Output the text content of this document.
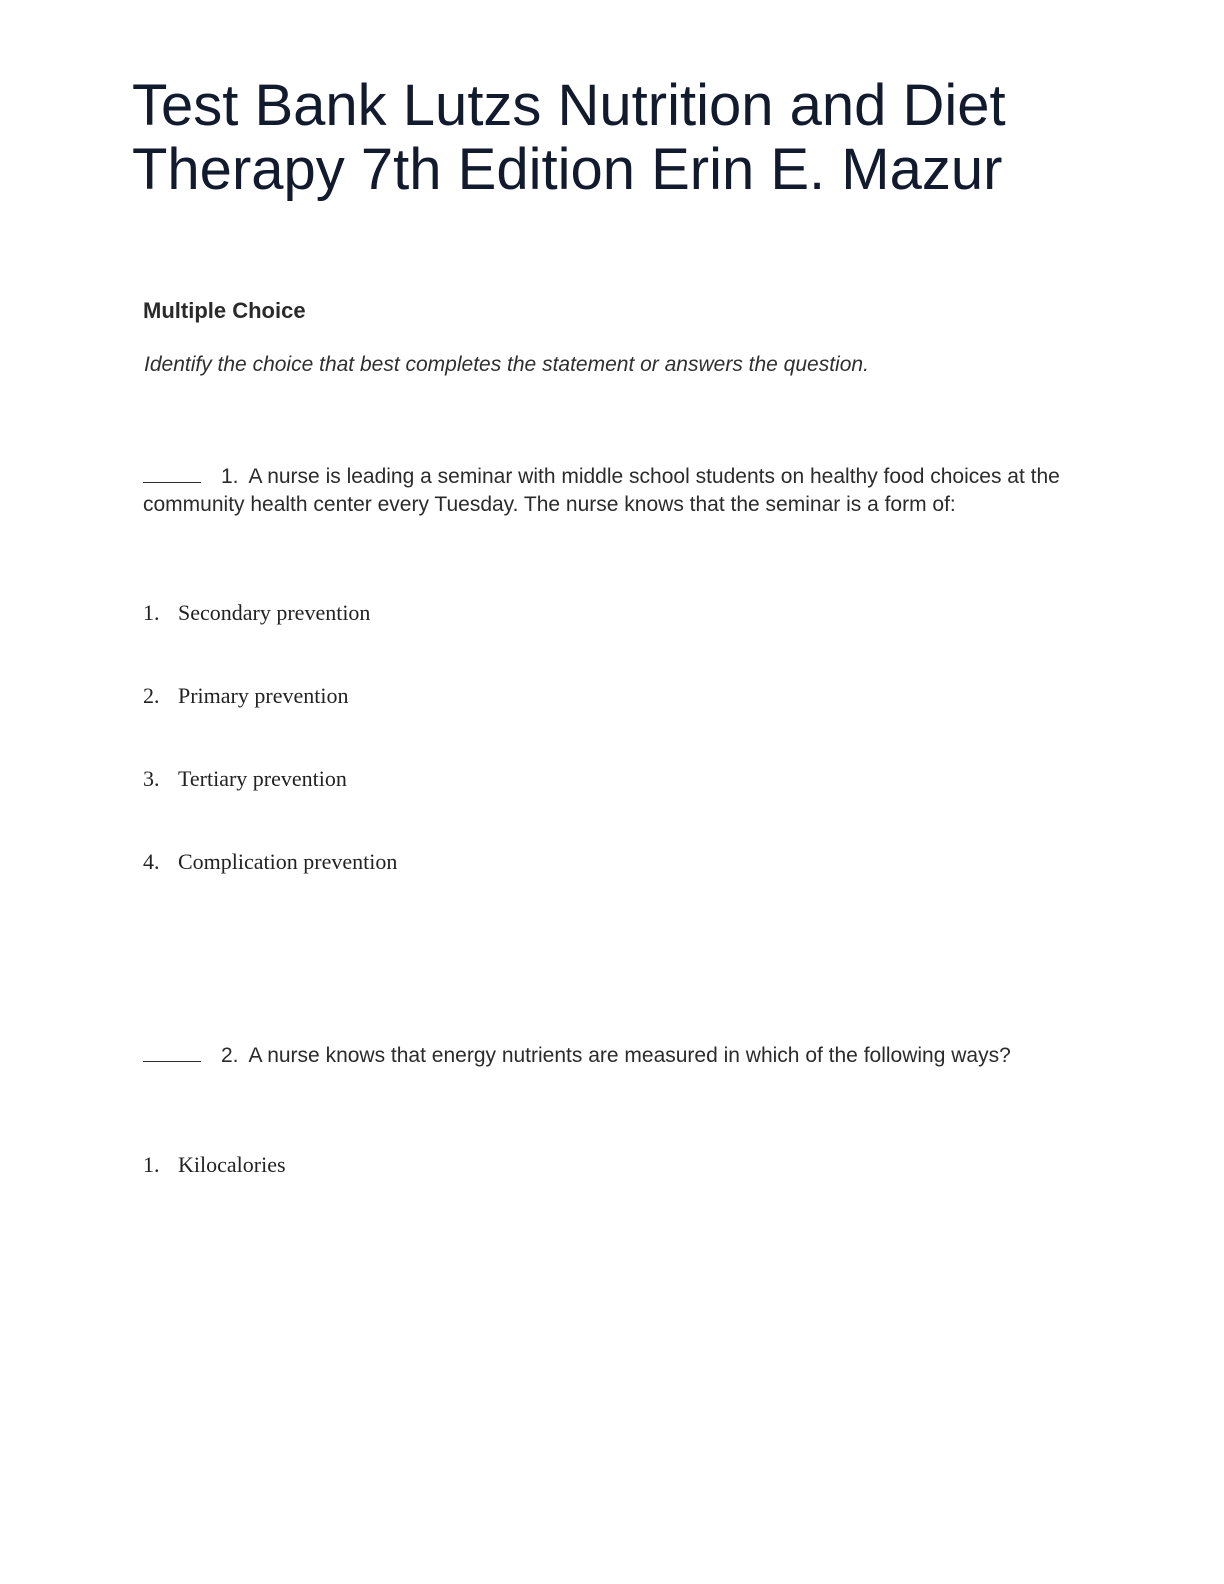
Test Bank Lutzs Nutrition and Diet
Therapy 7th Edition Erin E. Mazur

Multiple Choice

Identify the choice that best completes the statement or answers the question.

1. A nurse is leading a seminar with middle school students on healthy food choices at the community health center every Tuesday. The nurse knows that the seminar is a form of:

1. Secondary prevention

2. Primary prevention

3. Tertiary prevention

4. Complication prevention

2. A nurse knows that energy nutrients are measured in which of the following ways?

1. Kilocalories
